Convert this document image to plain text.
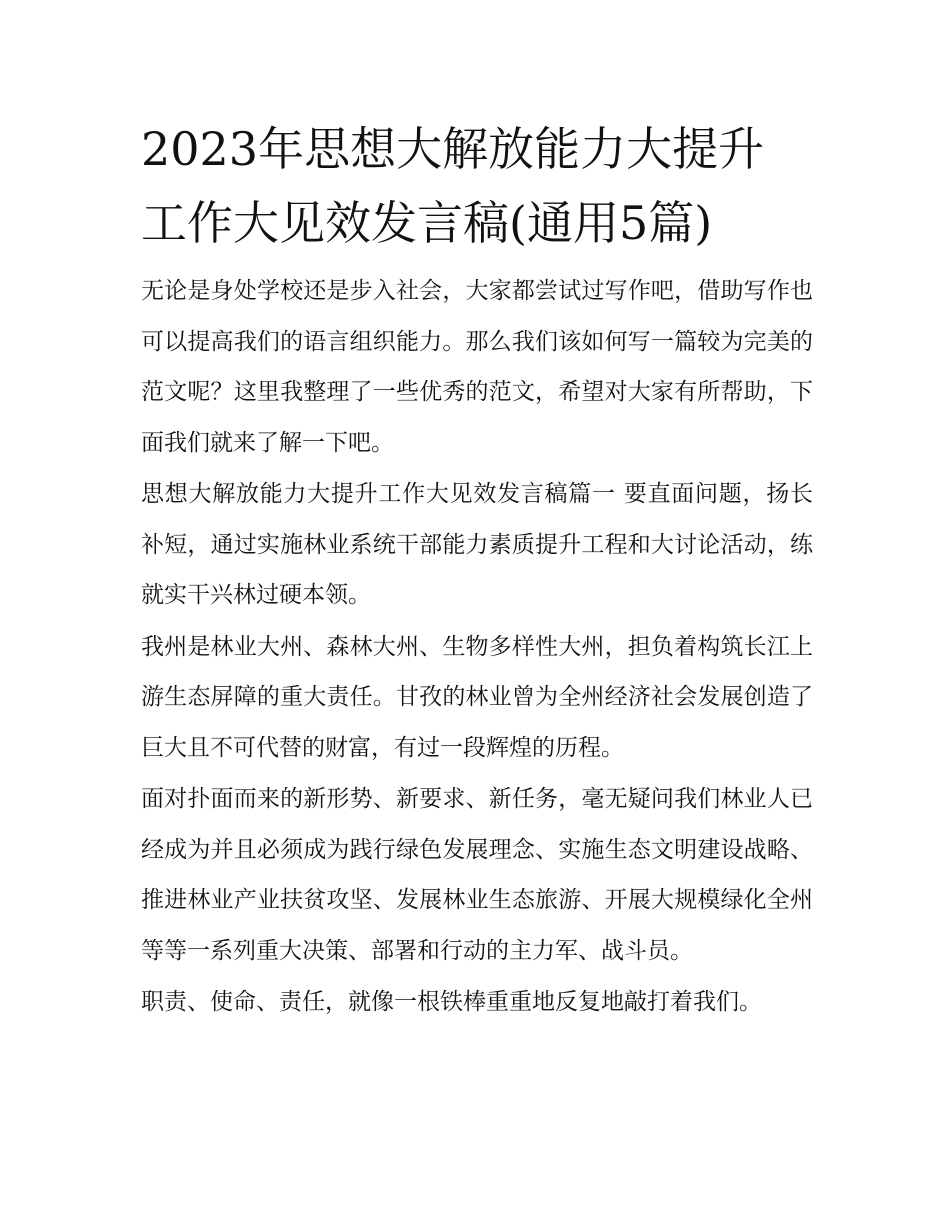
2023年思想大解放能力大提升
工作大见效发言稿(通用5篇)

无论是身处学校还是步入社会，大家都尝试过写作吧，借助写作也可以提高我们的语言组织能力。那么我们该如何写一篇较为完美的范文呢？这里我整理了一些优秀的范文，希望对大家有所帮助，下面我们就来了解一下吧。

思想大解放能力大提升工作大见效发言稿篇一 要直面问题，扬长补短，通过实施林业系统干部能力素质提升工程和大讨论活动，练就实干兴林过硬本领。

我州是林业大州、森林大州、生物多样性大州，担负着构筑长江上游生态屏障的重大责任。甘孜的林业曾为全州经济社会发展创造了巨大且不可代替的财富，有过一段辉煌的历程。

面对扑面而来的新形势、新要求、新任务，毫无疑问我们林业人已经成为并且必须成为践行绿色发展理念、实施生态文明建设战略、推进林业产业扶贫攻坚、发展林业生态旅游、开展大规模绿化全州等等一系列重大决策、部署和行动的主力军、战斗员。

职责、使命、责任，就像一根铁棒重重地反复地敲打着我们。
